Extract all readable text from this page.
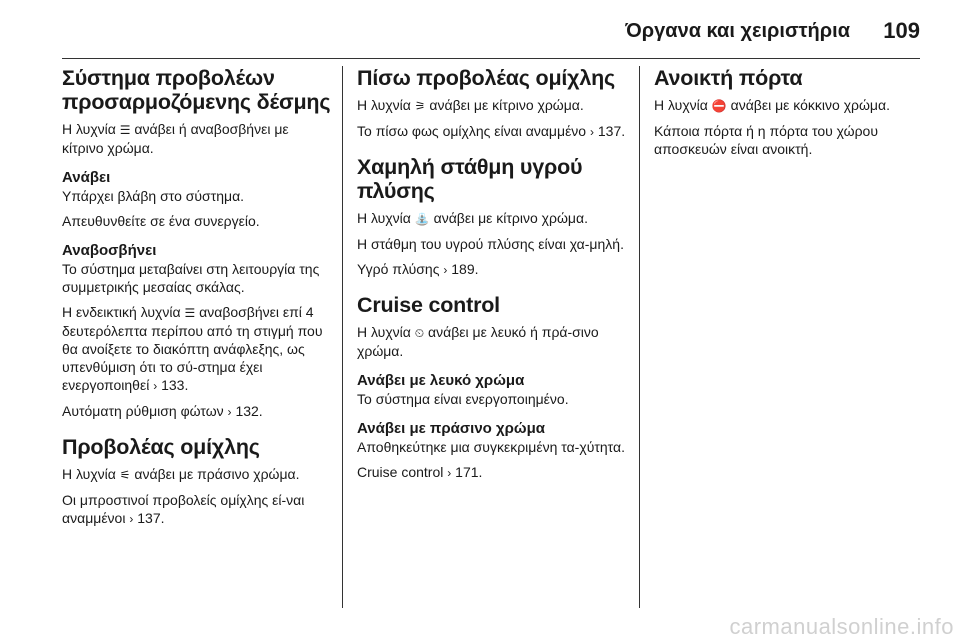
Όργανα και χειριστήρια 109
Σύστημα προβολέων προσαρμοζόμενης δέσμης

Η λυχνία ☰ ανάβει ή αναβοσβήνει με κίτρινο χρώμα.

Ανάβει

Υπάρχει βλάβη στο σύστημα.

Απευθυνθείτε σε ένα συνεργείο.

Αναβοσβήνει

Το σύστημα μεταβαίνει στη λειτουργία της συμμετρικής μεσαίας σκάλας.

Η ενδεικτική λυχνία ☰ αναβοσβήνει επί 4 δευτερόλεπτα περίπου από τη στιγμή που θα ανοίξετε το διακόπτη ανάφλεξης, ως υπενθύμιση ότι το σύ-στημα έχει ενεργοποιηθεί › 133.

Αυτόματη ρύθμιση φώτων › 132.

Προβολέας ομίχλης

Η λυχνία ⚟ ανάβει με πράσινο χρώμα.

Οι μπροστινοί προβολείς ομίχλης εί-ναι αναμμένοι › 137.

Πίσω προβολέας ομίχλης

Η λυχνία ⚞ ανάβει με κίτρινο χρώμα.

Το πίσω φως ομίχλης είναι αναμμένο › 137.

Χαμηλή στάθμη υγρού πλύσης

Η λυχνία ⛲ ανάβει με κίτρινο χρώμα.

Η στάθμη του υγρού πλύσης είναι χα-μηλή.

Υγρό πλύσης › 189.

Cruise control

Η λυχνία ⏲ ανάβει με λευκό ή πρά-σινο χρώμα.

Ανάβει με λευκό χρώμα

Το σύστημα είναι ενεργοποιημένο.

Ανάβει με πράσινο χρώμα

Αποθηκεύτηκε μια συγκεκριμένη τα-χύτητα.

Cruise control › 171.

Ανοικτή πόρτα

Η λυχνία ⛔ ανάβει με κόκκινο χρώμα.

Κάποια πόρτα ή η πόρτα του χώρου αποσκευών είναι ανοικτή.

carmanualsonline.info
